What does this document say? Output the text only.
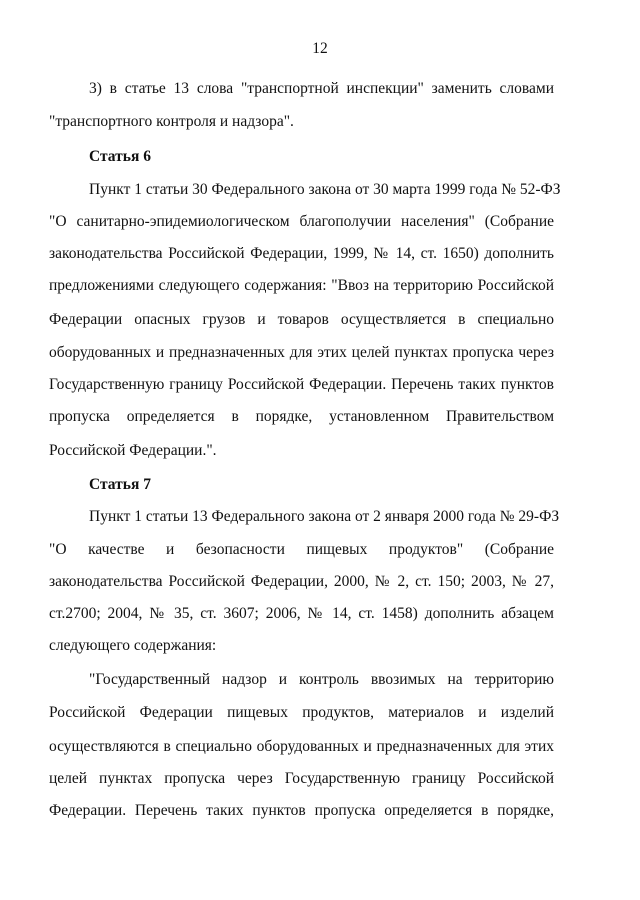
12
3) в статье 13 слова "транспортной инспекции" заменить словами
"транспортного контроля и надзора".
Статья 6
Пункт 1 статьи 30 Федерального закона от 30 марта 1999 года № 52-ФЗ
"О санитарно-эпидемиологическом благополучии населения" (Собрание
законодательства Российской Федерации, 1999, № 14, ст. 1650) дополнить
предложениями следующего содержания: "Ввоз на территорию Российской
Федерации опасных грузов и товаров осуществляется в специально
оборудованных и предназначенных для этих целей пунктах пропуска через
Государственную границу Российской Федерации. Перечень таких пунктов
пропуска определяется в порядке, установленном Правительством
Российской Федерации.".
Статья 7
Пункт 1 статьи 13 Федерального закона от 2 января 2000 года № 29-ФЗ
"О качестве и безопасности пищевых продуктов" (Собрание
законодательства Российской Федерации, 2000, № 2, ст. 150; 2003, № 27,
ст.2700; 2004, № 35, ст. 3607; 2006, № 14, ст. 1458) дополнить абзацем
следующего содержания:
"Государственный надзор и контроль ввозимых на территорию
Российской Федерации пищевых продуктов, материалов и изделий
осуществляются в специально оборудованных и предназначенных для этих
целей пунктах пропуска через Государственную границу Российской
Федерации. Перечень таких пунктов пропуска определяется в порядке,
